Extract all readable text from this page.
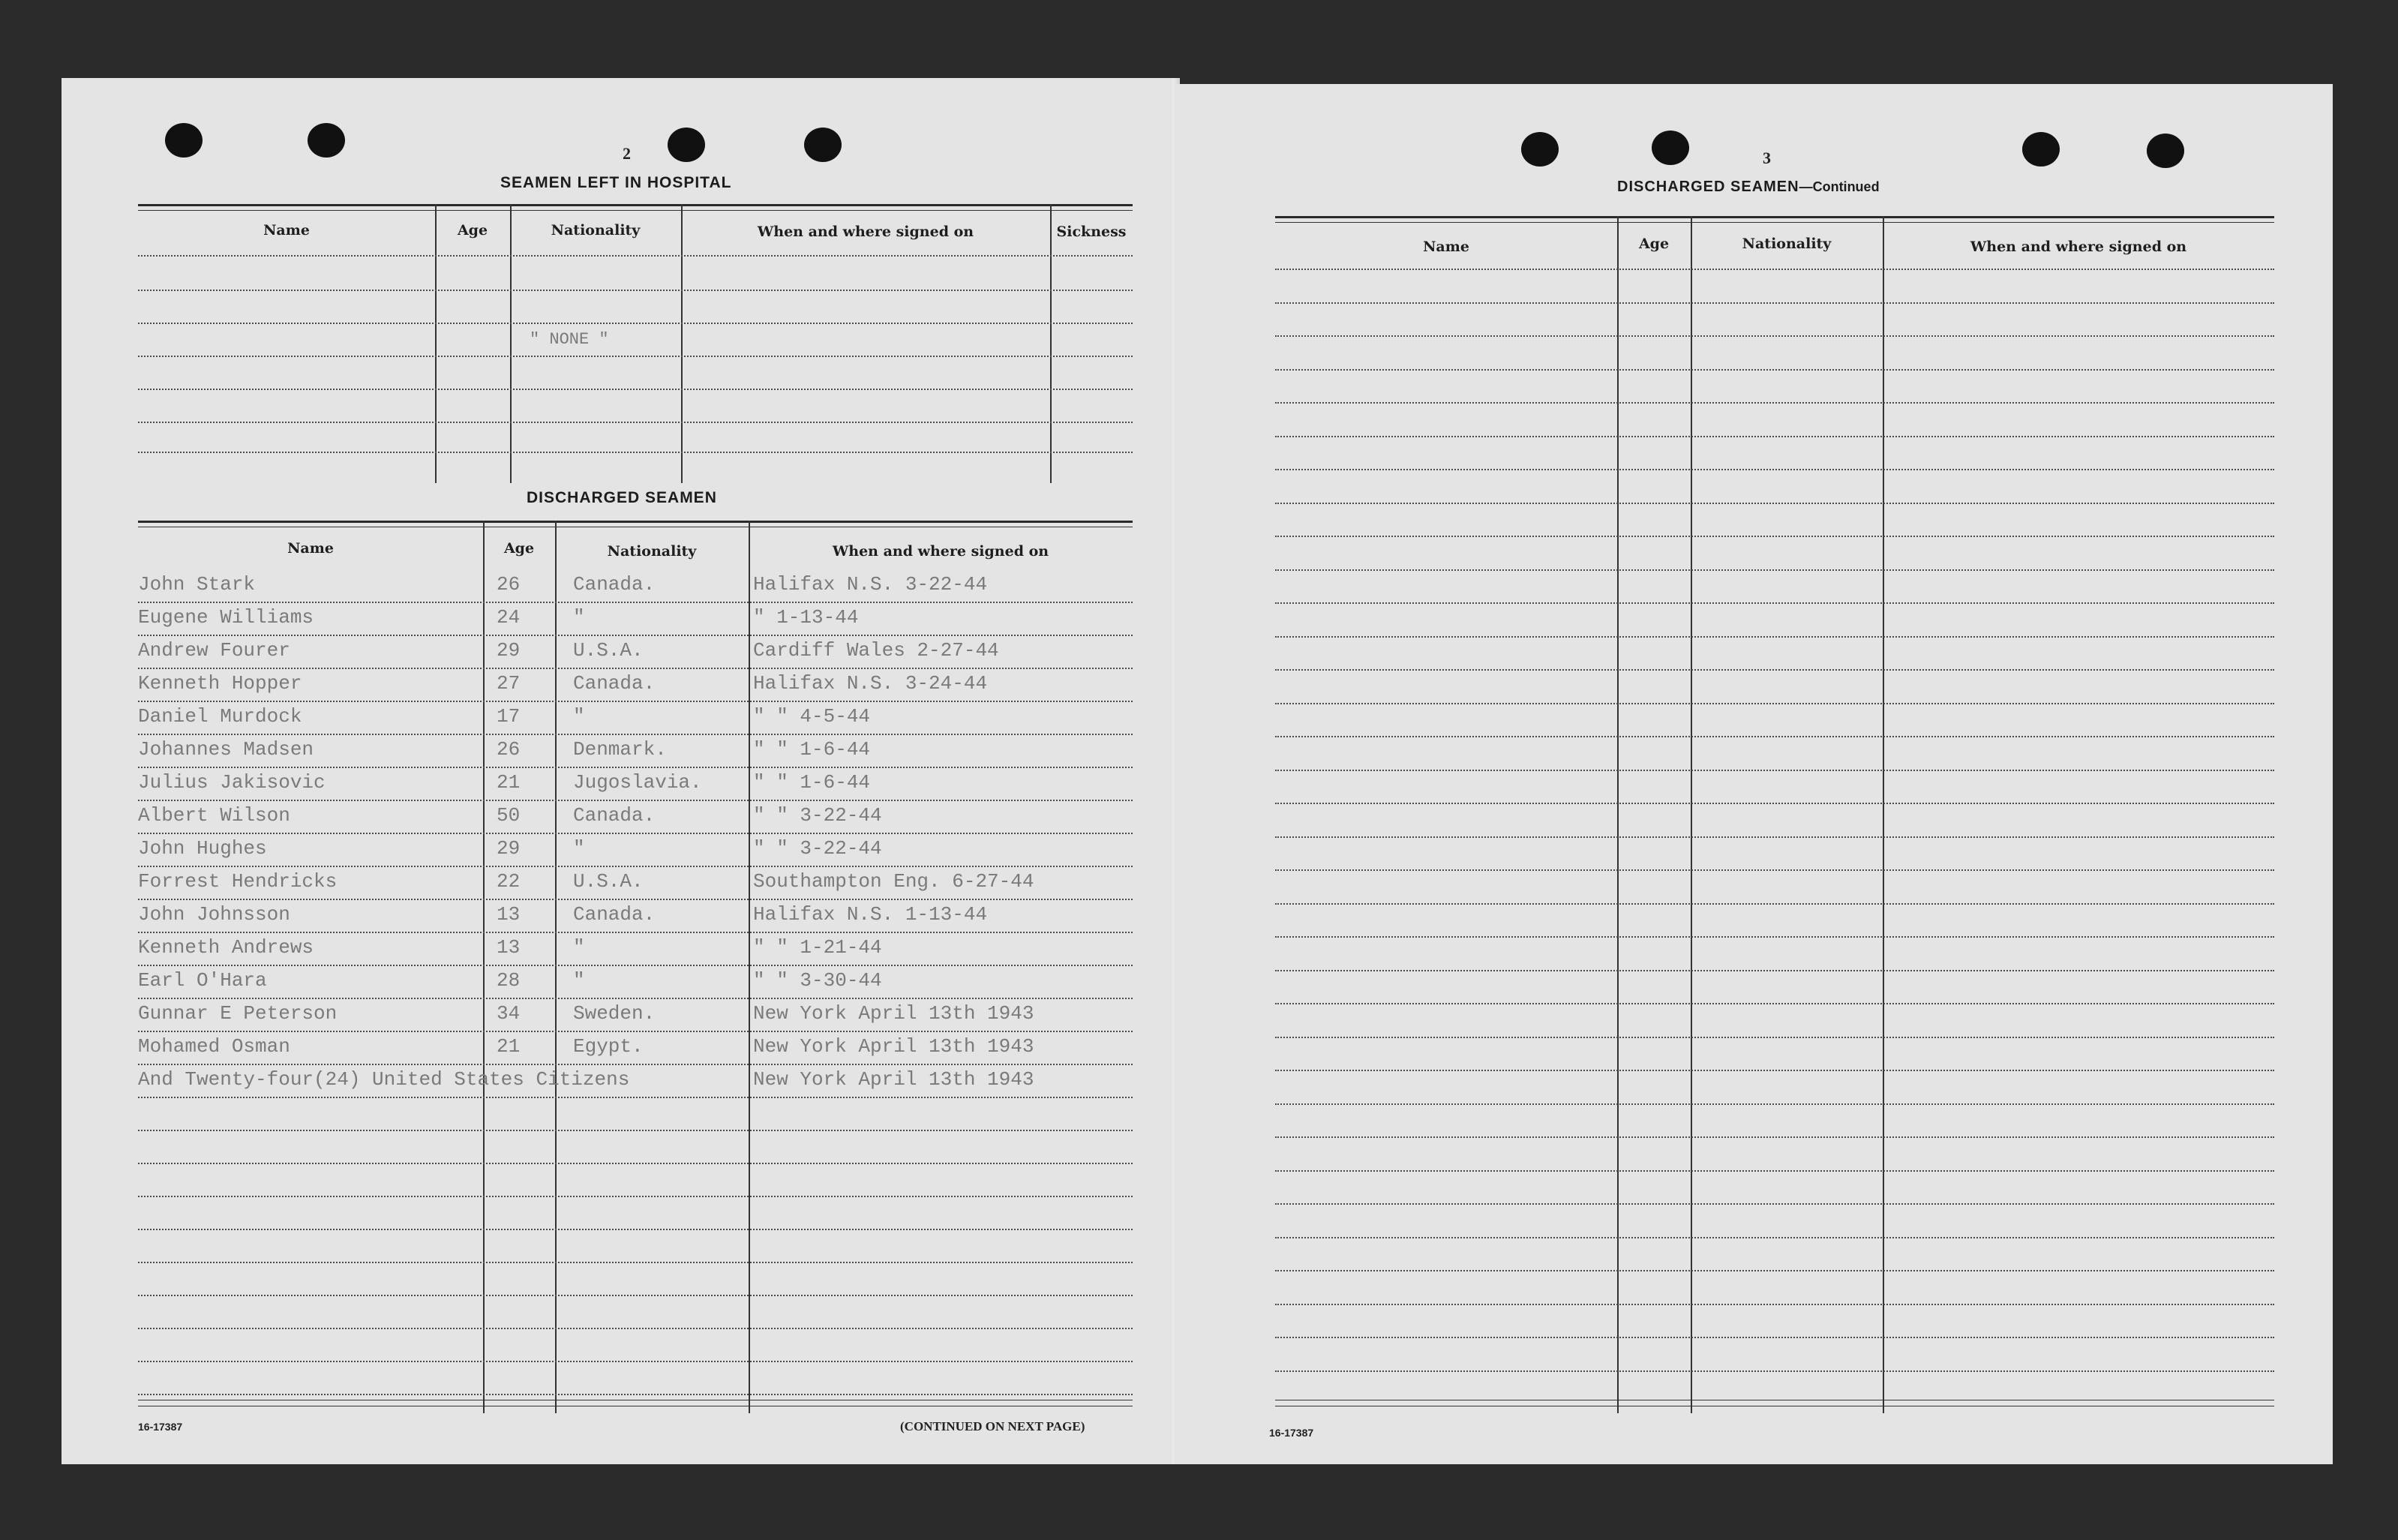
2
SEAMEN LEFT IN HOSPITAL
Name	Age	Nationality	When and where signed on	Sickness
" NONE "
DISCHARGED SEAMEN
Name	Age	Nationality	When and where signed on
John Stark	26	Canada.	Halifax N.S. 3-22-44
Eugene Williams	24	"	" 1-13-44
Andrew Fourer	29	U.S.A.	Cardiff Wales 2-27-44
Kenneth Hopper	27	Canada.	Halifax N.S. 3-24-44
Daniel Murdock	17	"	" " 4-5-44
Johannes Madsen	26	Denmark.	" " 1-6-44
Julius Jakisovic	21	Jugoslavia.	" " 1-6-44
Albert Wilson	50	Canada.	" " 3-22-44
John Hughes	29	"	" " 3-22-44
Forrest Hendricks	22	U.S.A.	Southampton Eng. 6-27-44
John Johnsson	13	Canada.	Halifax N.S. 1-13-44
Kenneth Andrews	13	"	" " 1-21-44
Earl O'Hara	28	"	" " 3-30-44
Gunnar E Peterson	34	Sweden.	New York April 13th 1943
Mohamed Osman	21	Egypt.	New York April 13th 1943
And Twenty-four(24) United States Citizens	New York April 13th 1943
16-17387	(CONTINUED ON NEXT PAGE)
3
DISCHARGED SEAMEN—Continued
Name	Age	Nationality	When and where signed on
16-17387
